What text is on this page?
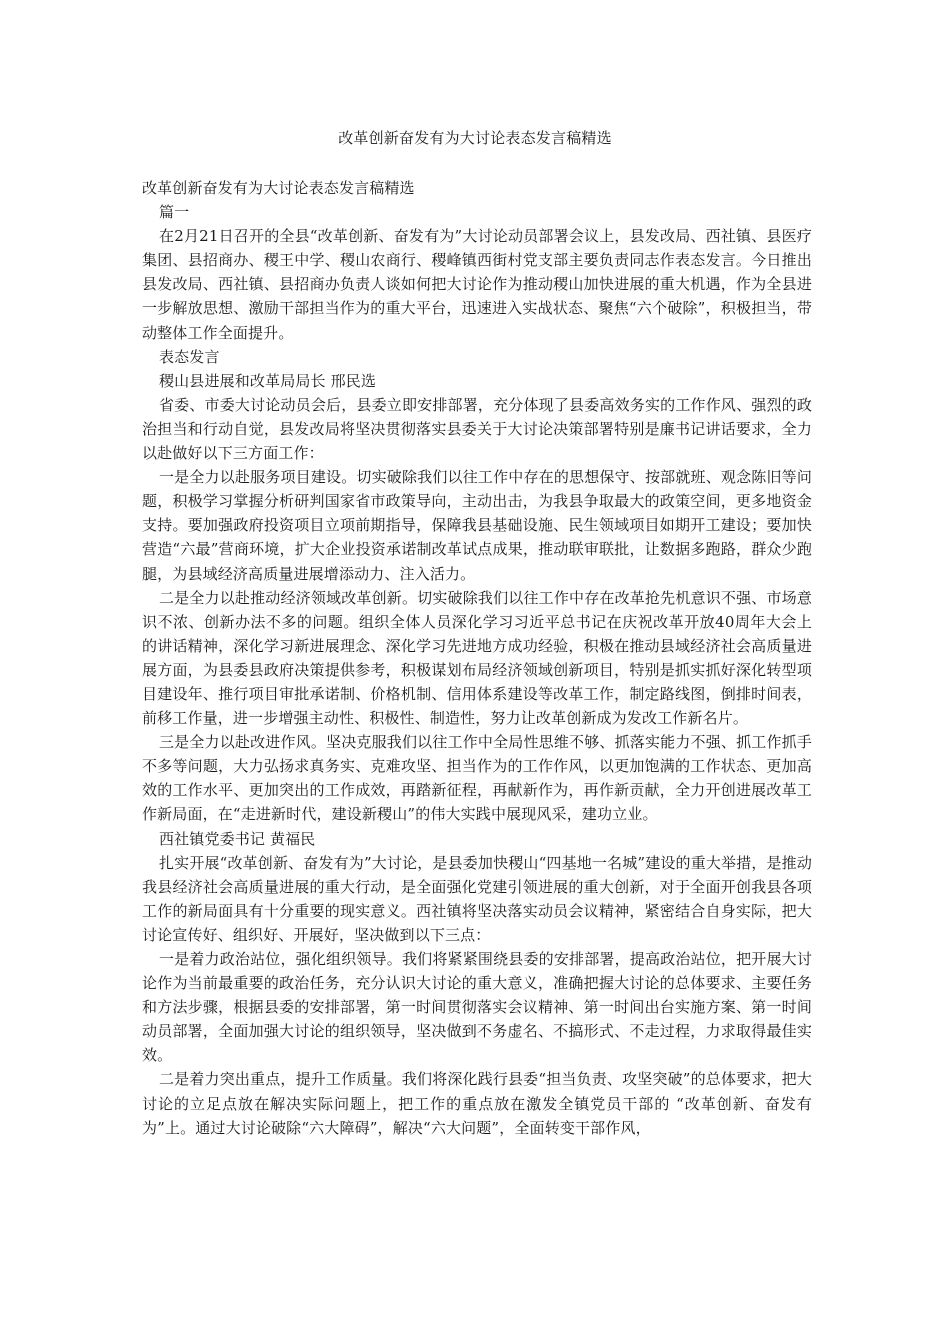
改革创新奋发有为大讨论表态发言稿精选

改革创新奋发有为大讨论表态发言稿精选

篇一

在2月21日召开的全县“改革创新、奋发有为”大讨论动员部署会议上，县发改局、西社镇、县医疗集团、县招商办、稷王中学、稷山农商行、稷峰镇西街村党支部主要负责同志作表态发言。今日推出县发改局、西社镇、县招商办负责人谈如何把大讨论作为推动稷山加快进展的重大机遇，作为全县进一步解放思想、激励干部担当作为的重大平台，迅速进入实战状态、聚焦“六个破除”，积极担当，带动整体工作全面提升。

表态发言

稷山县进展和改革局局长 邢民选

省委、市委大讨论动员会后，县委立即安排部署，充分体现了县委高效务实的工作作风、强烈的政治担当和行动自觉，县发改局将坚决贯彻落实县委关于大讨论决策部署特别是廉书记讲话要求，全力以赴做好以下三方面工作：

一是全力以赴服务项目建设。切实破除我们以往工作中存在的思想保守、按部就班、观念陈旧等问题，积极学习掌握分析研判国家省市政策导向，主动出击，为我县争取最大的政策空间，更多地资金支持。要加强政府投资项目立项前期指导，保障我县基础设施、民生领域项目如期开工建设；要加快营造“六最”营商环境，扩大企业投资承诺制改革试点成果，推动联审联批，让数据多跑路，群众少跑腿，为县域经济高质量进展增添动力、注入活力。

二是全力以赴推动经济领域改革创新。切实破除我们以往工作中存在改革抢先机意识不强、市场意识不浓、创新办法不多的问题。组织全体人员深化学习习近平总书记在庆祝改革开放40周年大会上的讲话精神，深化学习新进展理念、深化学习先进地方成功经验，积极在推动县域经济社会高质量进展方面，为县委县政府决策提供参考，积极谋划布局经济领域创新项目，特别是抓实抓好深化转型项目建设年、推行项目审批承诺制、价格机制、信用体系建设等改革工作，制定路线图，倒排时间表，前移工作量，进一步增强主动性、积极性、制造性，努力让改革创新成为发改工作新名片。

三是全力以赴改进作风。坚决克服我们以往工作中全局性思维不够、抓落实能力不强、抓工作抓手不多等问题，大力弘扬求真务实、克难攻坚、担当作为的工作作风，以更加饱满的工作状态、更加高效的工作水平、更加突出的工作成效，再踏新征程，再献新作为，再作新贡献，全力开创进展改革工作新局面，在“走进新时代，建设新稷山”的伟大实践中展现风采，建功立业。

西社镇党委书记 黄福民

扎实开展“改革创新、奋发有为”大讨论，是县委加快稷山“四基地一名城”建设的重大举措，是推动我县经济社会高质量进展的重大行动，是全面强化党建引领进展的重大创新，对于全面开创我县各项工作的新局面具有十分重要的现实意义。西社镇将坚决落实动员会议精神，紧密结合自身实际，把大讨论宣传好、组织好、开展好，坚决做到以下三点：

一是着力政治站位，强化组织领导。我们将紧紧围绕县委的安排部署，提高政治站位，把开展大讨论作为当前最重要的政治任务，充分认识大讨论的重大意义，准确把握大讨论的总体要求、主要任务和方法步骤，根据县委的安排部署，第一时间贯彻落实会议精神、第一时间出台实施方案、第一时间动员部署，全面加强大讨论的组织领导，坚决做到不务虚名、不搞形式、不走过程，力求取得最佳实效。

二是着力突出重点，提升工作质量。我们将深化践行县委“担当负责、攻坚突破”的总体要求，把大讨论的立足点放在解决实际问题上，把工作的重点放在激发全镇党员干部的 “改革创新、奋发有为”上。通过大讨论破除“六大障碍”，解决“六大问题”，全面转变干部作风，
